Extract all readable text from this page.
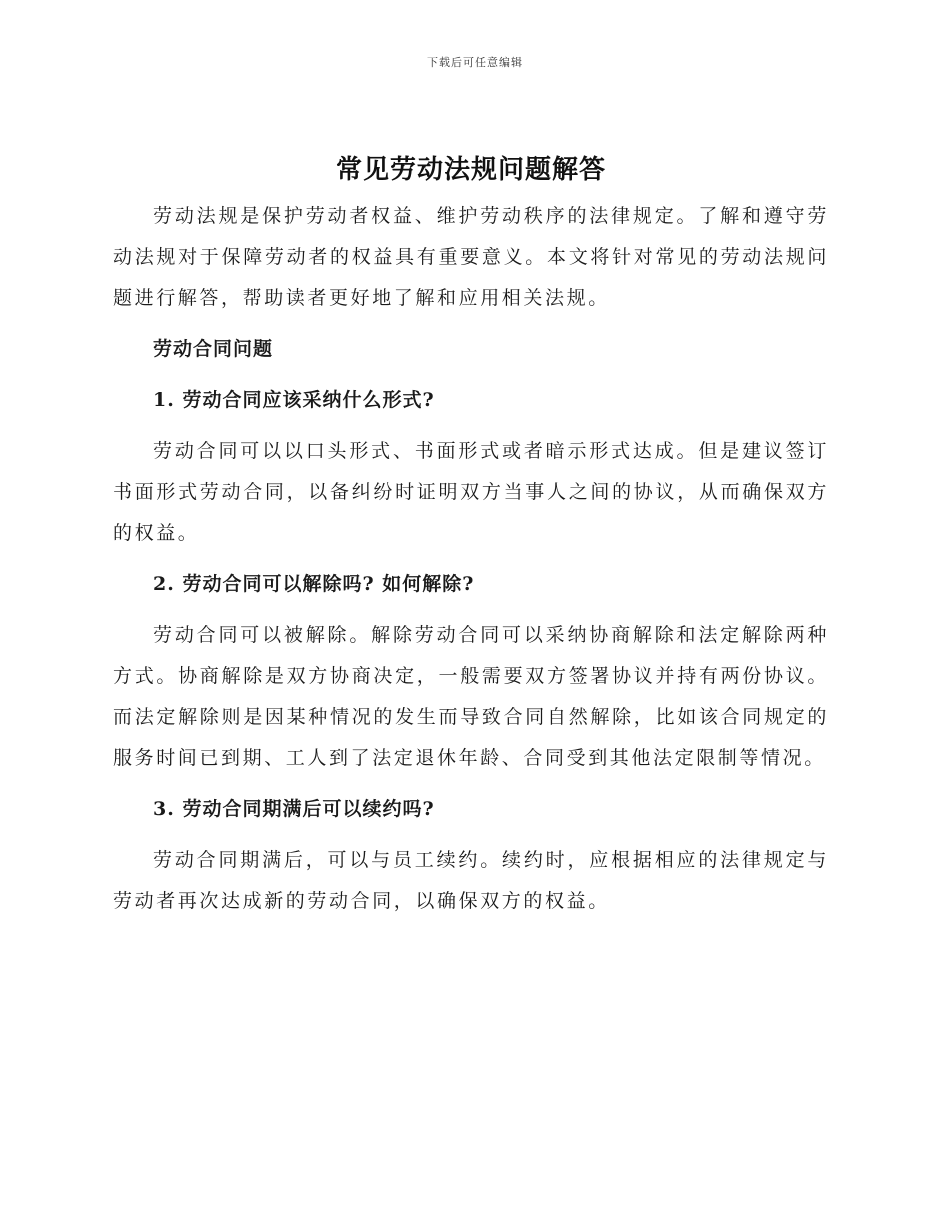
下载后可任意编辑
常见劳动法规问题解答

劳动法规是保护劳动者权益、维护劳动秩序的法律规定。了解和遵守劳动法规对于保障劳动者的权益具有重要意义。本文将针对常见的劳动法规问题进行解答，帮助读者更好地了解和应用相关法规。

劳动合同问题
1. 劳动合同应该采纳什么形式?

劳动合同可以以口头形式、书面形式或者暗示形式达成。但是建议签订书面形式劳动合同，以备纠纷时证明双方当事人之间的协议，从而确保双方的权益。

2. 劳动合同可以解除吗? 如何解除?

劳动合同可以被解除。解除劳动合同可以采纳协商解除和法定解除两种方式。协商解除是双方协商决定，一般需要双方签署协议并持有两份协议。而法定解除则是因某种情况的发生而导致合同自然解除，比如该合同规定的服务时间已到期、工人到了法定退休年龄、合同受到其他法定限制等情况。

3. 劳动合同期满后可以续约吗?

劳动合同期满后，可以与员工续约。续约时，应根据相应的法律规定与劳动者再次达成新的劳动合同，以确保双方的权益。
